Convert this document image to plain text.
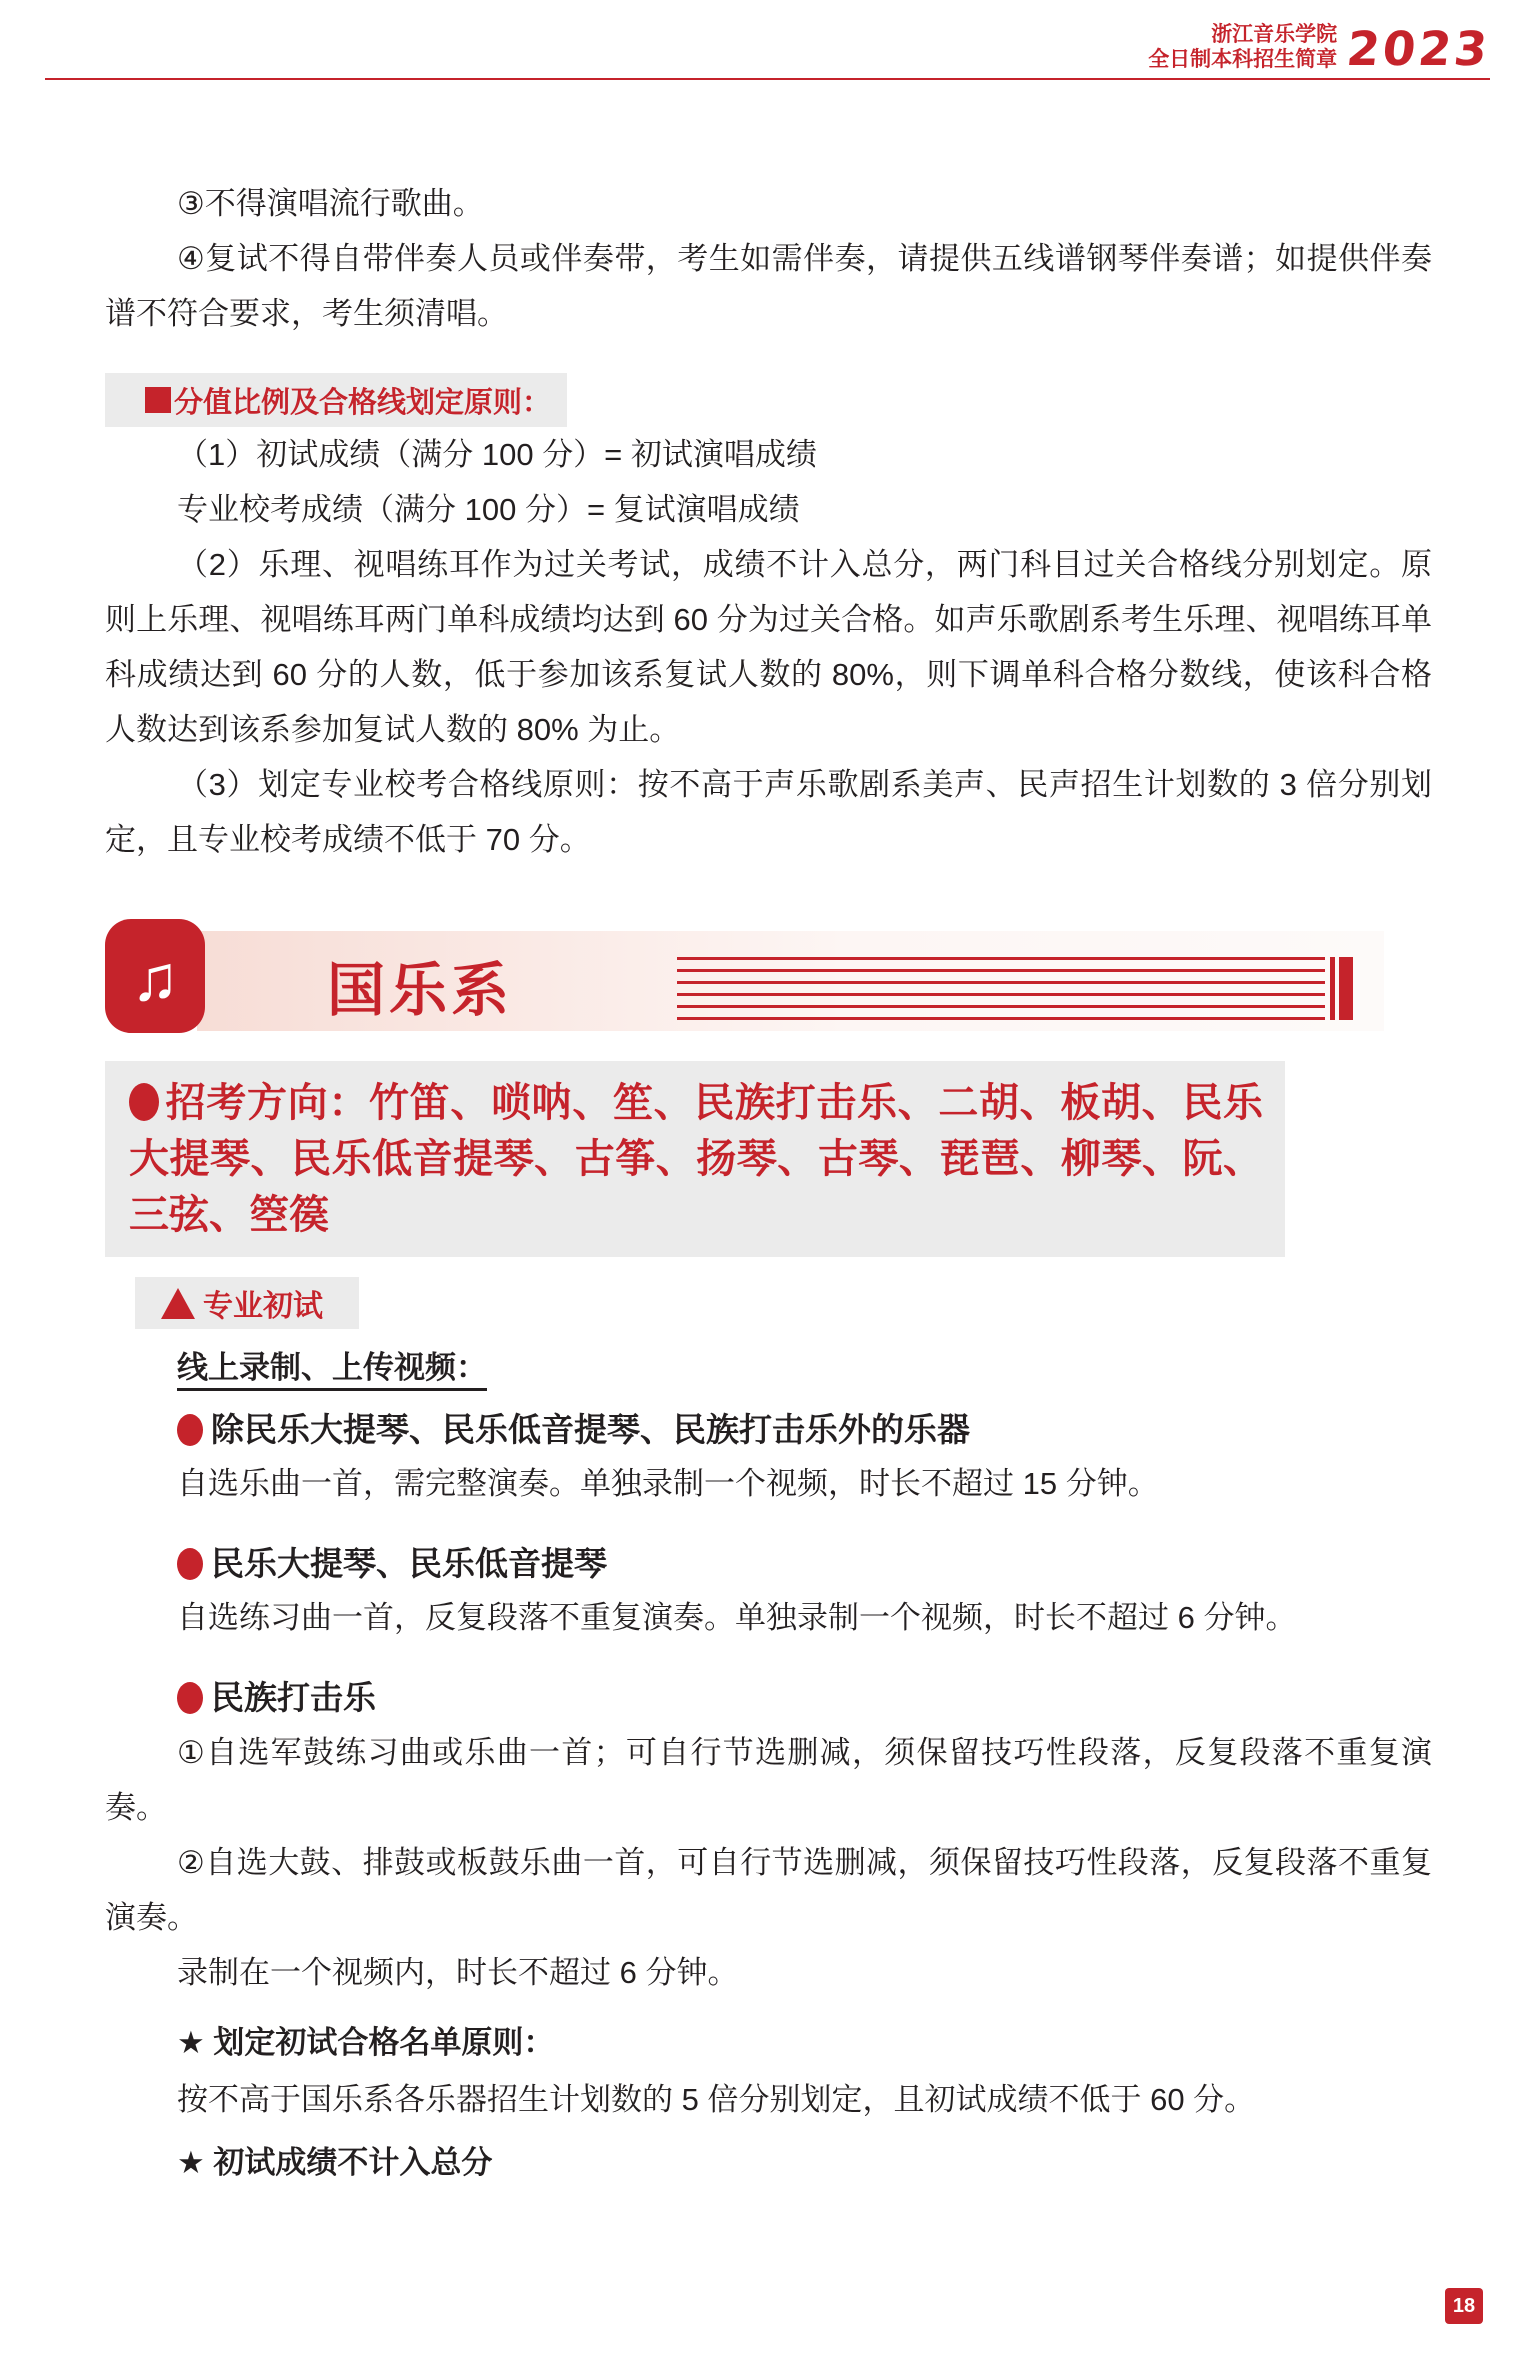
浙江音乐学院
全日制本科招生简章 2023

③不得演唱流行歌曲。

④复试不得自带伴奏人员或伴奏带，考生如需伴奏，请提供五线谱钢琴伴奏谱；如提供伴奏谱不符合要求，考生须清唱。

分值比例及合格线划定原则：

（1）初试成绩（满分 100 分）= 初试演唱成绩

专业校考成绩（满分 100 分）= 复试演唱成绩

（2）乐理、视唱练耳作为过关考试，成绩不计入总分，两门科目过关合格线分别划定。原则上乐理、视唱练耳两门单科成绩均达到 60 分为过关合格。如声乐歌剧系考生乐理、视唱练耳单科成绩达到 60 分的人数，低于参加该系复试人数的 80%，则下调单科合格分数线，使该科合格人数达到该系参加复试人数的 80% 为止。

（3）划定专业校考合格线原则：按不高于声乐歌剧系美声、民声招生计划数的 3 倍分别划定，且专业校考成绩不低于 70 分。

♫	国乐系
招考方向：竹笛、唢呐、笙、民族打击乐、二胡、板胡、民乐大提琴、民乐低音提琴、古筝、扬琴、古琴、琵琶、柳琴、阮、三弦、箜篌
专业初试

线上录制、上传视频：

除民乐大提琴、民乐低音提琴、民族打击乐外的乐器

自选乐曲一首，需完整演奏。单独录制一个视频，时长不超过 15 分钟。

民乐大提琴、民乐低音提琴

自选练习曲一首，反复段落不重复演奏。单独录制一个视频，时长不超过 6 分钟。

民族打击乐

①自选军鼓练习曲或乐曲一首；可自行节选删减，须保留技巧性段落，反复段落不重复演奏。

②自选大鼓、排鼓或板鼓乐曲一首，可自行节选删减，须保留技巧性段落，反复段落不重复演奏。

录制在一个视频内，时长不超过 6 分钟。

★ 划定初试合格名单原则：

按不高于国乐系各乐器招生计划数的 5 倍分别划定，且初试成绩不低于 60 分。

★ 初试成绩不计入总分

18
